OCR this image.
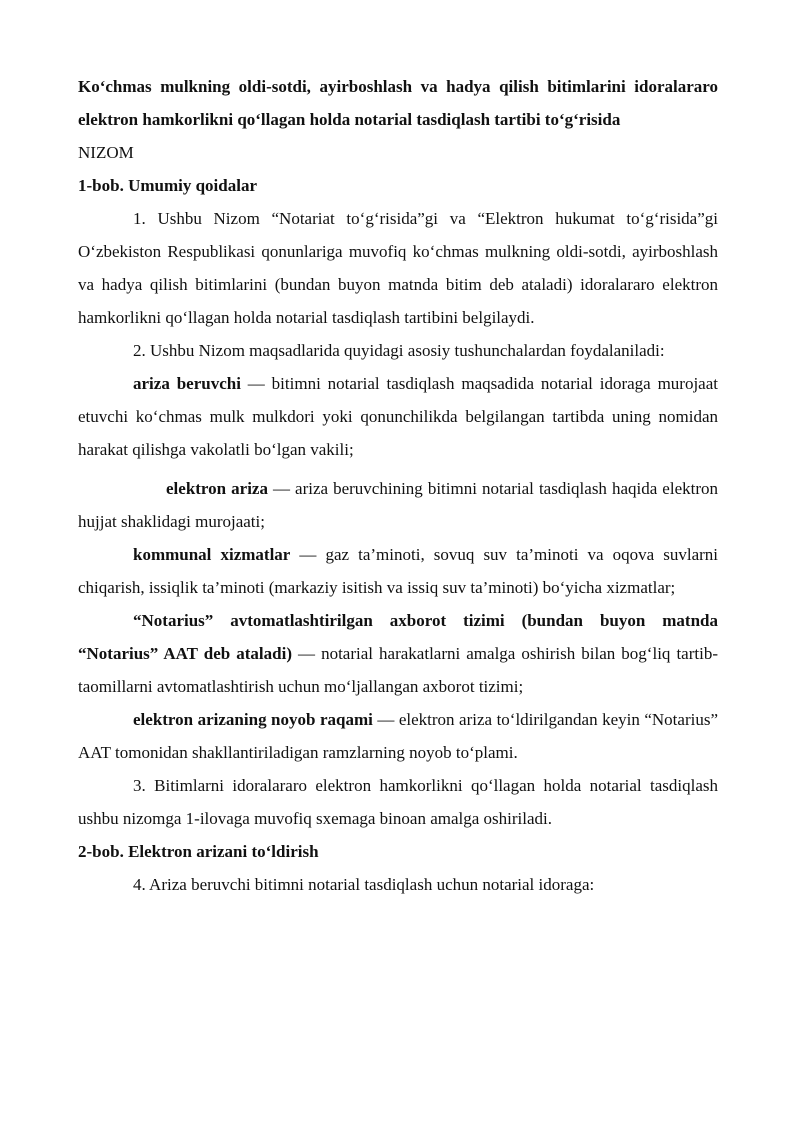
Ko‘chmas mulkning oldi-sotdi, ayirboshlash va hadya qilish bitimlarini idoralararo elektron hamkorlikni qo‘llagan holda notarial tasdiqlash tartibi to‘g‘risida

NIZOM

1-bob. Umumiy qoidalar

1. Ushbu Nizom “Notariat to‘g‘risida”gi va “Elektron hukumat to‘g‘risida”gi O‘zbekiston Respublikasi qonunlariga muvofiq ko‘chmas mulkning oldi-sotdi, ayirboshlash va hadya qilish bitimlarini (bundan buyon matnda bitim deb ataladi) idoralararo elektron hamkorlikni qo‘llagan holda notarial tasdiqlash tartibini belgilaydi.

2. Ushbu Nizom maqsadlarida quyidagi asosiy tushunchalardan foydalaniladi:

ariza beruvchi — bitimni notarial tasdiqlash maqsadida notarial idoraga murojaat etuvchi ko‘chmas mulk mulkdori yoki qonunchilikda belgilangan tartibda uning nomidan harakat qilishga vakolatli bo‘lgan vakili;

elektron ariza — ariza beruvchining bitimni notarial tasdiqlash haqida elektron hujjat shaklidagi murojaati;

kommunal xizmatlar — gaz ta’minoti, sovuq suv ta’minoti va oqova suvlarni chiqarish, issiqlik ta’minoti (markaziy isitish va issiq suv ta’minoti) bo‘yicha xizmatlar;

“Notarius” avtomatlashtirilgan axborot tizimi (bundan buyon matnda “Notarius” AAT deb ataladi) — notarial harakatlarni amalga oshirish bilan bog‘liq tartib-taomillarni avtomatlashtirish uchun mo‘ljallangan axborot tizimi;

elektron arizaning noyob raqami — elektron ariza to‘ldirilgandan keyin “Notarius” AAT tomonidan shakllantiriladigan ramzlarning noyob to‘plami.

3. Bitimlarni idoralararo elektron hamkorlikni qo‘llagan holda notarial tasdiqlash ushbu nizomga 1-ilovaga muvofiq sxemaga binoan amalga oshiriladi.

2-bob. Elektron arizani to‘ldirish

4. Ariza beruvchi bitimni notarial tasdiqlash uchun notarial idoraga:
